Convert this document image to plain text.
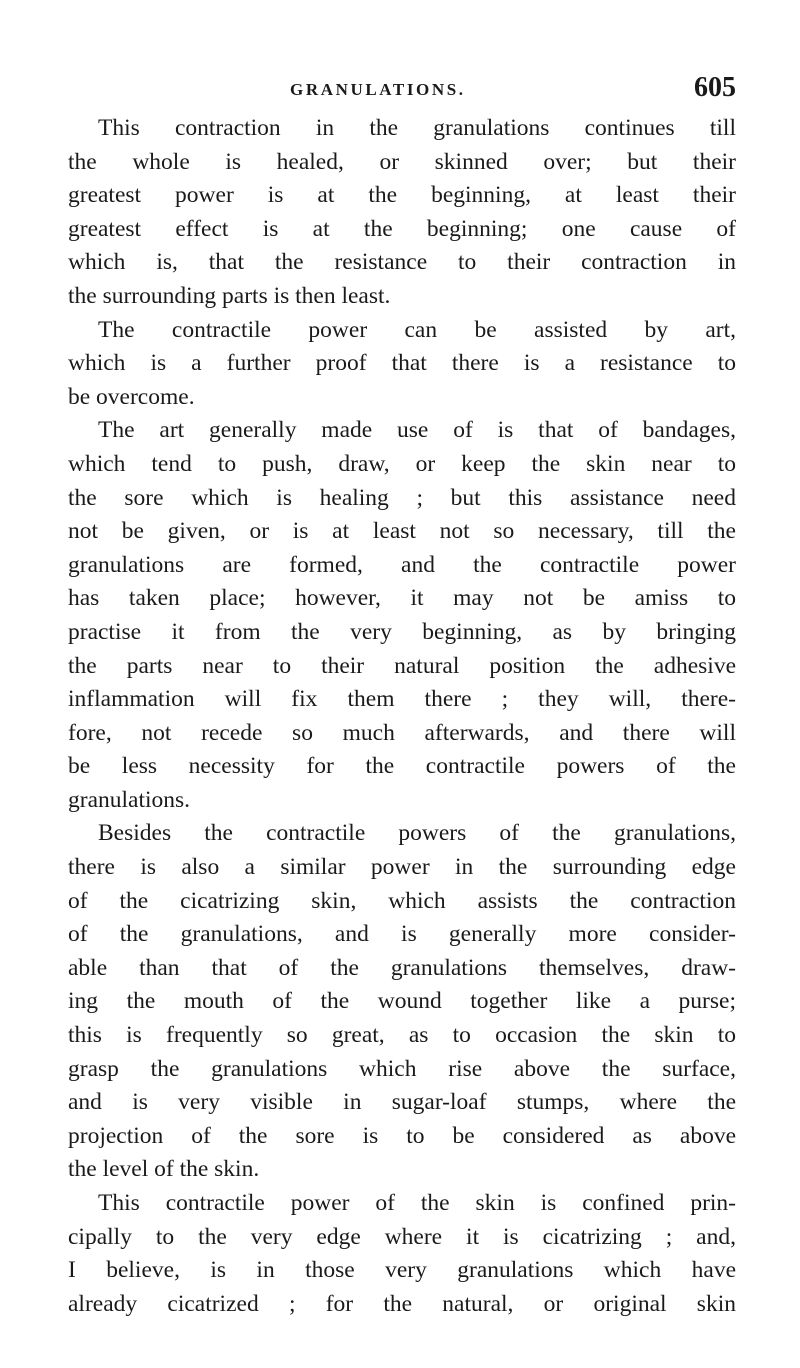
GRANULATIONS.	605
This contraction in the granulations continues till
the whole is healed, or skinned over; but their
greatest power is at the beginning, at least their
greatest effect is at the beginning; one cause of
which is, that the resistance to their contraction in
the surrounding parts is then least.
The contractile power can be assisted by art,
which is a further proof that there is a resistance to
be overcome.
The art generally made use of is that of bandages,
which tend to push, draw, or keep the skin near to
the sore which is healing ; but this assistance need
not be given, or is at least not so necessary, till the
granulations are formed, and the contractile power
has taken place; however, it may not be amiss to
practise it from the very beginning, as by bringing
the parts near to their natural position the adhesive
inflammation will fix them there ; they will, there-
fore, not recede so much afterwards, and there will
be less necessity for the contractile powers of the
granulations.
Besides the contractile powers of the granulations,
there is also a similar power in the surrounding edge
of the cicatrizing skin, which assists the contraction
of the granulations, and is generally more consider-
able than that of the granulations themselves, draw-
ing the mouth of the wound together like a purse;
this is frequently so great, as to occasion the skin to
grasp the granulations which rise above the surface,
and is very visible in sugar-loaf stumps, where the
projection of the sore is to be considered as above
the level of the skin.
This contractile power of the skin is confined prin-
cipally to the very edge where it is cicatrizing ; and,
I believe, is in those very granulations which have
already cicatrized ; for the natural, or original skin
